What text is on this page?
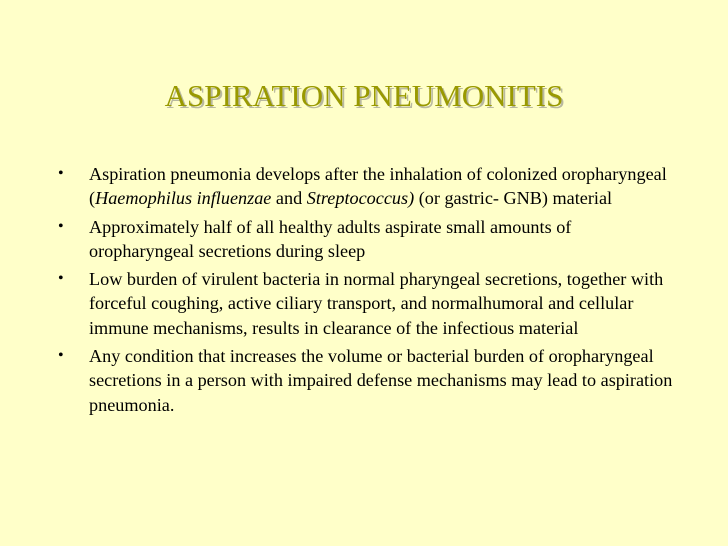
ASPIRATION PNEUMONITIS
• Aspiration pneumonia develops after the inhalation of colonized oropharyngeal (Haemophilus influenzae and Streptococcus) (or gastric- GNB) material
• Approximately half of all healthy adults aspirate small amounts of oropharyngeal secretions during sleep
• Low burden of virulent bacteria in normal pharyngeal secretions, together with forceful coughing, active ciliary transport, and normalhumoral and cellular immune mechanisms, results in clearance of the infectious material
• Any condition that increases the volume or bacterial burden of oropharyngeal secretions in a person with impaired defense mechanisms may lead to aspiration pneumonia.
